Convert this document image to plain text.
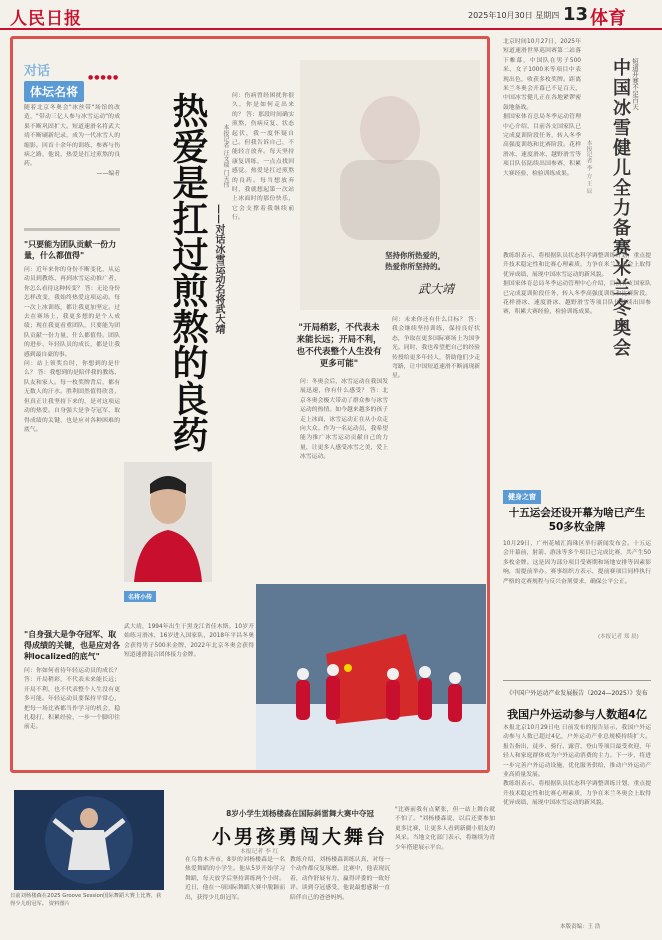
人民日报	2025年10月30日 星期四 13 体育
对话
体坛名将
●●●●●

随着北京冬奥会"冰丝带"场馆的改造，"带动三亿人参与冰雪运动"的成果不断巩固扩大。短道速滑名将武大靖不断刷新纪录，成为一代冰雪人的缩影。回首十余年的训练、参赛与伤病之路，他说，热爱是扛过煎熬的良药。

——编者

"只要能为团队贡献一份力量，什么都值得"

问：近年来你的身份不断变化，从运动员到教练、再到冰雪运动推广者，你怎么看待这种转变？ 答：无论身份怎样改变，我始终热爱这项运动。每一次上冰训练，都让我更加坚定。过去在赛场上，我更多想的是个人成绩；现在我更看重团队，只要能为团队贡献一份力量，什么都值得。团队的进步、年轻队员的成长，都是让我感到最自豪的事。

问：站上领奖台时，你想到的是什么？ 答：我想到的是陪伴我的教练、队友和家人。每一枚奖牌背后，都有无数人的汗水。胜利固然值得欣喜，但真正让我坚持下来的，是对这项运动的热爱。自身强大是争夺冠军、取得成绩的关键，也是应对各种困难的底气。

"自身强大是争夺冠军、取得成绩的关键，也是应对各种localized的底气"

问：你如何看待年轻运动员的成长？ 答：开局稍彩，不代表未来能长远；开局不利，也不代表整个人生没有更多可能。年轻运动员要保持平常心，把每一场比赛都当作学习的机会，稳扎稳打，积累经验，一步一个脚印往前走。

热爱是扛过煎熬的良药 ——对话冰雪运动名将武大靖
本报记者 汪文瑞 门天伟

问：伤病曾经困扰你很久，你是如何走出来的？ 答：那段时间确实煎熬，伤病反复、状态起伏，我一度怀疑自己。但我告诉自己，不能轻言放弃。每天坚持康复训练，一点点找回感觉。热爱是扛过煎熬的良药。每当想放弃时，我就想起第一次站上冰面时的那份快乐，它会支撑着我继续前行。

坚持你所热爱的，
热爱你所坚持的。
武大靖
"开局稍彩，不代表未来能长远；开局不利，也不代表整个人生没有更多可能"

问：冬奥会后，冰雪运动在我国发展迅速，你有什么感受？ 答：北京冬奥会极大带动了群众参与冰雪运动的热情。如今越来越多的孩子走上冰面，冰雪运动正在从小众走向大众。作为一名运动员，我希望能为推广冰雪运动贡献自己的力量，让更多人感受冰雪之美，爱上冰雪运动。

问：未来你还有什么目标？ 答：我会继续坚持训练，保持良好状态，争取在更多国际赛场上为国争光。同时，我也希望把自己的经验传授给更多年轻人，帮助他们少走弯路，让中国短道速滑不断涌现新星。

名将小传

武大靖，1994年出生于黑龙江省佳木斯。10岁开始练习滑冰，16岁进入国家队，2018年平昌冬奥会获得男子500米金牌，2022年北京冬奥会获得短道速滑混合团体接力金牌。

短道开赛不足百天
中国冰雪健儿全力备赛米兰冬奥会
本报记者 李 方 王 辰

北京时间10月27日，2025年短道速滑世界巡回赛第二站落下帷幕，中国队在男子500米、女子1000米等项目中表现出色，收获多枚奖牌。距离米兰冬奥会开幕已不足百天，中国冰雪健儿正在各地紧锣密鼓地备战。

据国家体育总局冬季运动管理中心介绍，目前各支国家队已完成夏训阶段任务，转入冬季高强度训练和比赛阶段。花样滑冰、速度滑冰、越野滑雪等项目队伍陆续出国参赛，积累大赛经验，检验训练成果。

教练组表示，将根据队员状态科学调整训练计划，重点提升技术稳定性和比赛心理素质，力争在米兰冬奥会上取得优异成绩，展现中国冰雪运动的新风貌。

据国家体育总局冬季运动管理中心介绍，目前各支国家队已完成夏训阶段任务，转入冬季高强度训练和比赛阶段。花样滑冰、速度滑冰、越野滑雪等项目队伍陆续出国参赛，积累大赛经验，检验训练成果。

健身之窗
十五运会还设开幕为啥已产生50多枚金牌

10月29日，广州花城汇海珠区举行新闻发布会。十五运会开幕前，射箭、游泳等多个项目已完成比赛，共产生50多枚金牌。这是因为部分项目受赛期和场地安排等因素影响，需提前举办。赛事组织方表示，提前赛项目同样执行严格的竞赛规程与反兴奋剂要求，确保公平公正。

(本报记者 郑 晨)
《中国户外运动产业发展报告（2024—2025）》发布
我国户外运动参与人数超4亿

本报北京10月29日电 日前发布的报告显示，我国户外运动参与人数已超过4亿，户外运动产业总规模持续扩大。报告指出，徒步、骑行、露营、登山等项目最受欢迎，年轻人和家庭群体成为户外运动消费的主力。下一步，将进一步完善户外运动设施，优化服务供给，推动户外运动产业高质量发展。

教练组表示，将根据队员状态科学调整训练计划，重点提升技术稳定性和比赛心理素质，力争在米兰冬奥会上取得优异成绩，展现中国冰雪运动的新风貌。

本版责编：王 浩
日前刘杨楼森在2025 Groove Session国际舞蹈大赛上比赛，获得少儿组冠军。 资料图片
8岁小学生刘杨楼森在国际斜雷舞大赛中夺冠
小男孩勇闯大舞台
本报记者 李 红

在乌鲁木齐市，8岁的刘杨楼森是一名热爱舞蹈的小学生。他从5岁开始学习舞蹈，每天放学后坚持训练两个小时。近日，他在一项国际舞蹈大赛中脱颖而出，获得少儿组冠军。

教练介绍，刘杨楼森训练认真，对每一个动作都反复琢磨。比赛中，他表现沉着，动作舒展有力，赢得评委的一致好评。谈到夺冠感受，他说最想感谢一直陪伴自己的爸爸妈妈。

"比赛前我有点紧张，但一站上舞台就不怕了。"刘杨楼森说，以后还要参加更多比赛，让更多人看到新疆小朋友的风采。当地文化部门表示，将继续为青少年搭建展示平台。
